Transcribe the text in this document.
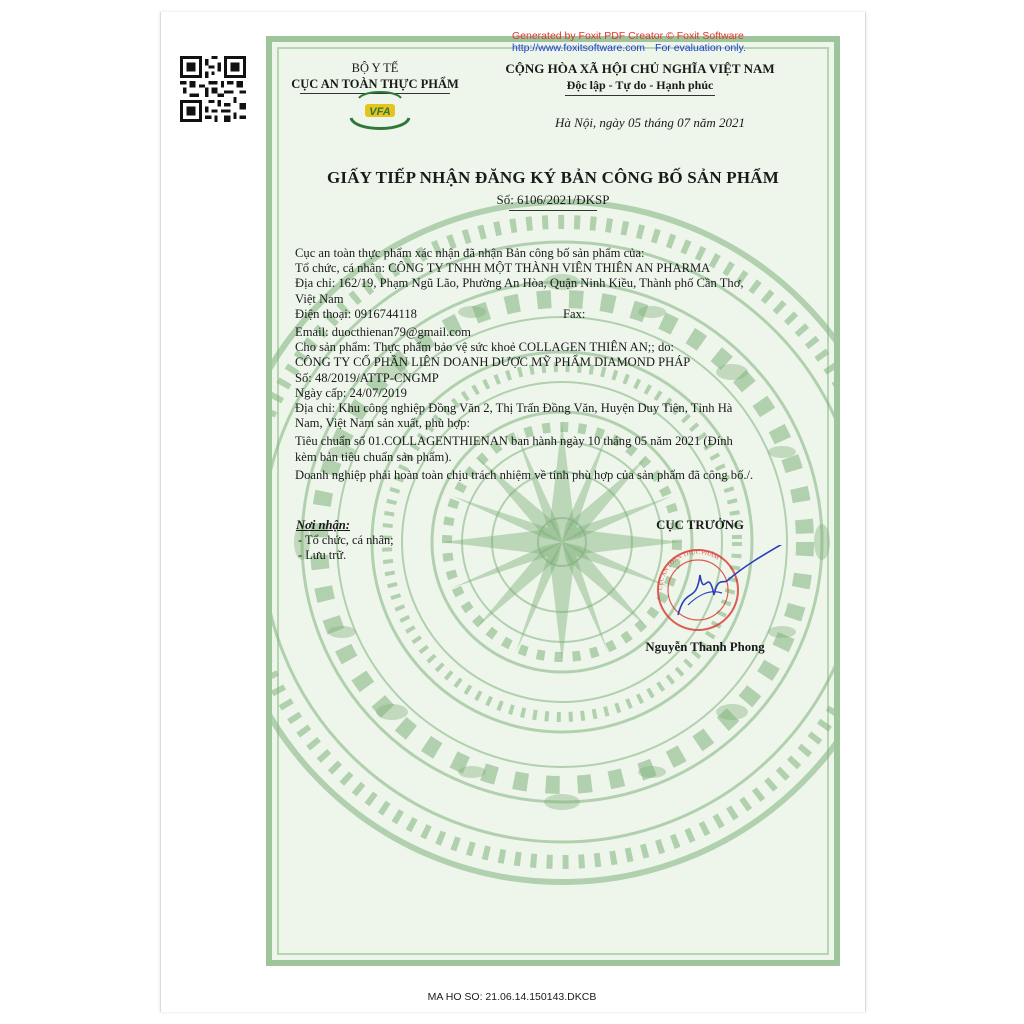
Generated by Foxit PDF Creator © Foxit Software
http://www.foxitsoftware.com For evaluation only.
BỘ Y TẾ
CỤC AN TOÀN THỰC PHẨM
VFA
CỘNG HÒA XÃ HỘI CHỦ NGHĨA VIỆT NAM
Độc lập - Tự do - Hạnh phúc
Hà Nội, ngày 05 tháng 07 năm 2021
GIẤY TIẾP NHẬN ĐĂNG KÝ BẢN CÔNG BỐ SẢN PHẨM
Số: 6106/2021/ĐKSP

Cục an toàn thực phẩm xác nhận đã nhận Bản công bố sản phẩm của:

Tổ chức, cá nhân: CÔNG TY TNHH MỘT THÀNH VIÊN THIÊN AN PHARMA

Địa chỉ: 162/19, Phạm Ngũ Lão, Phường An Hòa, Quận Ninh Kiều, Thành phố Cần Thơ,

Việt Nam

Điện thoại: 0916744118	Fax:

Email: duocthienan79@gmail.com

Cho sản phẩm: Thực phẩm bảo vệ sức khoẻ COLLAGEN THIÊN AN;; do:

CÔNG TY CỔ PHẦN LIÊN DOANH DƯỢC MỸ PHẨM DIAMOND PHÁP

Số: 48/2019/ATTP-CNGMP

Ngày cấp: 24/07/2019

Địa chỉ: Khu công nghiệp Đồng Văn 2, Thị Trấn Đồng Văn, Huyện Duy Tiên, Tỉnh Hà

Nam, Việt Nam sản xuất, phù hợp:

Tiêu chuẩn số 01.COLLAGENTHIENAN ban hành ngày 10 tháng 05 năm 2021 (Đính

kèm bản tiêu chuẩn sản phẩm).

Doanh nghiệp phải hoàn toàn chịu trách nhiệm về tính phù hợp của sản phẩm đã công bố./.

Nơi nhận:
- Tổ chức, cá nhân;
- Lưu trữ.
CỤC TRƯỞNG
CỤC AN TOÀN THỰC PHẨM
Nguyễn Thanh Phong
MA HO SO: 21.06.14.150143.DKCB
